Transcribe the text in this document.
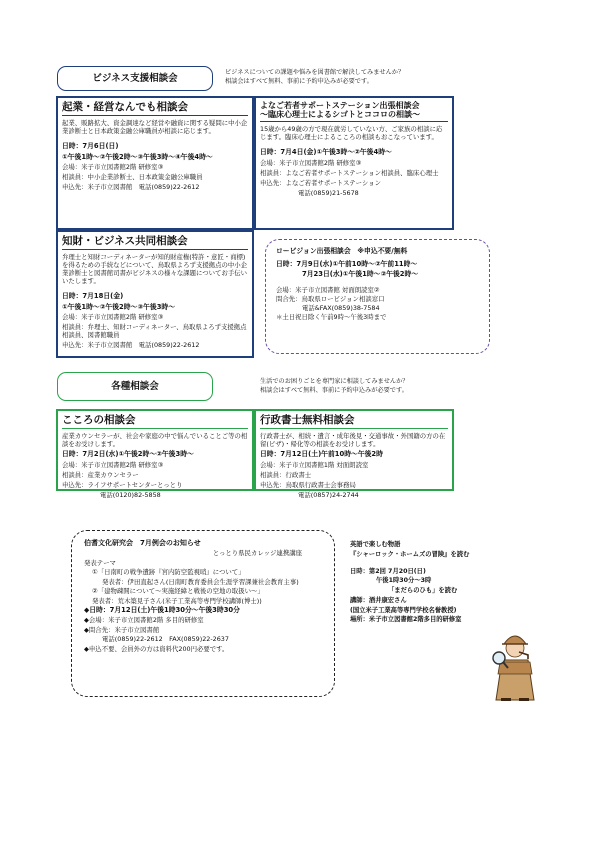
ビジネス支援相談会
ビジネスについての課題や悩みを図書館で解決してみませんか？
相談会はすべて無料、事前に予約申込みが必要です。
起業・経営なんでも相談会

起業、販路拡大、資金調達など経営や融資に関する疑問に中小企業診断士と日本政策金融公庫職員が相談に応じます。

日時：7月6日(日)

①午後1時～②午後2時～③午後3時～④午後4時～

会場：米子市立図書館2階 研修室③

相談員：中小企業診断士、日本政策金融公庫職員

申込先：米子市立図書館　電話(0859)22-2612

よなご若者サポートステーション出張相談会
～臨床心理士によるシゴトとココロの相談～

15歳から49歳の方で現在就労していない方、ご家族の相談に応じます。臨床心理士によるこころの相談もおこなっています。

日時：7月4日(金)①午後3時～②午後4時～

会場：米子市立図書館2階 研修室③

相談員：よなご若者サポートステーション相談員、臨床心理士

申込先：よなご若者サポートステーション

電話(0859)21-5678

知財・ビジネス共同相談会

弁理士と知財コーディネーターが知的財産権(特許・意匠・商標)を得るための手続などについて、鳥取県よろず支援拠点の中小企業診断士と図書館司書がビジネスの様々な課題についてお手伝いいたします。

日時：7月18日(金)

①午後1時～②午後2時～③午後3時～

会場：米子市立図書館2階 研修室③

相談員：弁理士、知財コーディネーター、鳥取県よろず支援拠点相談員、図書館職員

申込先：米子市立図書館　電話(0859)22-2612

ロービジョン出張相談会　※申込不要/無料
日時：7月9日(水)①午前10時～②午前11時～
7月23日(水)①午後1時～②午後2時～
会場：米子市立図書館 対面朗読室②
問合先：鳥取県ロービジョン相談窓口
電話&FAX(0859)38-7584
＊土日祝日除く午前9時～午後3時まで
各種相談会	生活でのお困りごとを専門家に相談してみませんか？
相談会はすべて無料、事前に予約申込みが必要です。
こころの相談会

産業カウンセラーが、社会や家庭の中で悩んでいることご等の相談をお受けします。

日時：7月2日(水)①午後2時～②午後3時～

会場：米子市立図書館2階 研修室③

相談員：産業カウンセラー

申込先：ライフサポートセンターとっとり

電話(0120)82-5858

行政書士無料相談会

行政書士が、相続・遺言・成年後見・交通事故・外国籍の方の在留(ビザ)・帰化等の相談をお受けします。

日時：7月12日(土)午前10時～午後2時

会場：米子市立図書館1階 対面朗読室

相談員：行政書士

申込先：鳥取県行政書士会事務局

電話(0857)24-2744

伯耆文化研究会　7月例会のお知らせ
とっとり県民カレッジ連携講座
発表テーマ
①「日南町の戦争遺跡『宮内防空監視哨』について」
発表者：伊田直起さん(日南町教育委員会生涯学習課兼社会教育主事)
②「建物疎開について～実施経緯と戦後の空地の取扱い～」
発表者：荒木築見子さん(米子工業高等専門学校講師(博士))
◆日時：7月12日(土)午後1時30分～午後3時30分
◆会場：米子市立図書館2階 多目的研修室
◆問合先：米子市立図書館
電話(0859)22-2612　FAX(0859)22-2637
◆申込不要、会員外の方は資料代200円必要です。
英語で楽しむ物語
『シャーロック・ホームズの冒険』を読む
日時：第2回 7月20日(日)
午後1時30分～3時
「まだらのひも」を読む
講師：酒井康宏さん
(国立米子工業高等専門学校名誉教授)
場所：米子市立図書館2階多目的研修室
